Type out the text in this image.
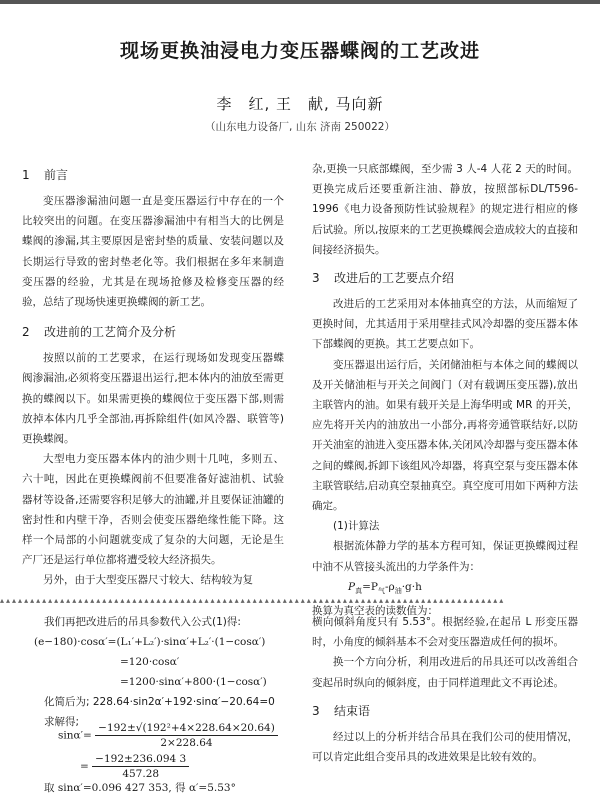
现场更换油浸电力变压器蝶阀的工艺改进
李　红, 王　献, 马向新
（山东电力设备厂, 山东 济南 250022）

1 前言

变压器渗漏油问题一直是变压器运行中存在的一个比较突出的问题。在变压器渗漏油中有相当大的比例是蝶阀的渗漏,其主要原因是密封垫的质量、安装问题以及长期运行导致的密封垫老化等。我们根据在多年来制造变压器的经验，尤其是在现场抢修及检修变压器的经验，总结了现场快速更换蝶阀的新工艺。

2 改进前的工艺简介及分析

按照以前的工艺要求，在运行现场如发现变压器蝶阀渗漏油,必须将变压器退出运行,把本体内的油放至需更换的蝶阀以下。如果需更换的蝶阀位于变压器下部,则需放掉本体内几乎全部油,再拆除组件(如风冷器、联管等)更换蝶阀。

大型电力变压器本体内的油少则十几吨，多则五、六十吨，因此在更换蝶阀前不但要准备好滤油机、试验器材等设备,还需要容积足够大的油罐,并且要保证油罐的密封性和内壁干净，否则会使变压器绝缘性能下降。这样一个局部的小问题就变成了复杂的大问题，无论是生产厂还是运行单位都将遭受较大经济损失。

另外，由于大型变压器尺寸较大、结构较为复

杂,更换一只底部蝶阀，至少需 3 人-4 人花 2 天的时间。更换完成后还要重新注油、静放，按照部标DL/T596-1996《电力设备预防性试验规程》的规定进行相应的修后试验。所以,按原来的工艺更换蝶阀会造成较大的直接和间接经济损失。

3 改进后的工艺要点介绍

改进后的工艺采用对本体抽真空的方法，从而缩短了更换时间，尤其适用于采用壁挂式风冷却器的变压器本体下部蝶阀的更换。其工艺要点如下。

变压器退出运行后，关闭储油柜与本体之间的蝶阀以及开关储油柜与开关之间阀门（对有载调压变压器),放出主联管内的油。如果有载开关是上海华明或 MR 的开关，应先将开关内的油放出一小部分,再将旁通管联结好,以防开关油室的油进入变压器本体,关闭风冷却器与变压器本体之间的蝶阀,拆卸下该组风冷却器，将真空泵与变压器本体主联管联结,启动真空泵抽真空。真空度可用如下两种方法确定。

(1)计算法

根据流体静力学的基本方程可知，保证更换蝶阀过程中油不从管接头流出的力学条件为：

$P_真=P_气-\rho_油\cdot g\cdot h$

换算为真空表的读数值为：

▴▴▴▴▴▴▴▴▴▴▴▴▴▴▴▴▴▴▴▴▴▴▴▴▴▴▴▴▴▴▴▴▴▴▴▴▴▴▴▴▴▴▴▴▴▴▴▴▴▴▴▴▴▴▴▴▴▴▴▴▴▴▴▴▴▴▴▴▴▴▴▴▴▴▴▴▴▴▴▴▴▴▴▴

我们再把改进后的吊具参数代入公式(1)得:

(e−180)·cosα′=(L₁′+L₂′)·sinα′+L₂′·(1−cosα′)

=120·cosα′

=1200·sinα′+800·(1−cosα′)

化简后为; 228.64·sin2α′+192·sinα′−20.64=0

求解得;

$\sin\alpha'= \frac{\text{−192±√(192²+4×228.64×20.64)}}{2\times 228.64}$
= $\frac{-192\pm 236.094 3}{457.28}$
取 sinα′=0.096 427 353, 得 α′=5.53°

横向倾斜角度只有 5.53°。根据经验,在起吊 L 形变压器时，小角度的倾斜基本不会对变压器造成任何的损坏。

换一个方向分析，利用改进后的吊具还可以改善组合变起吊时纵向的倾斜度，由于同样道理此文不再论述。

3 结束语

经过以上的分析并结合吊具在我们公司的使用情况，可以肯定此组合变吊具的改进效果是比较有效的。
